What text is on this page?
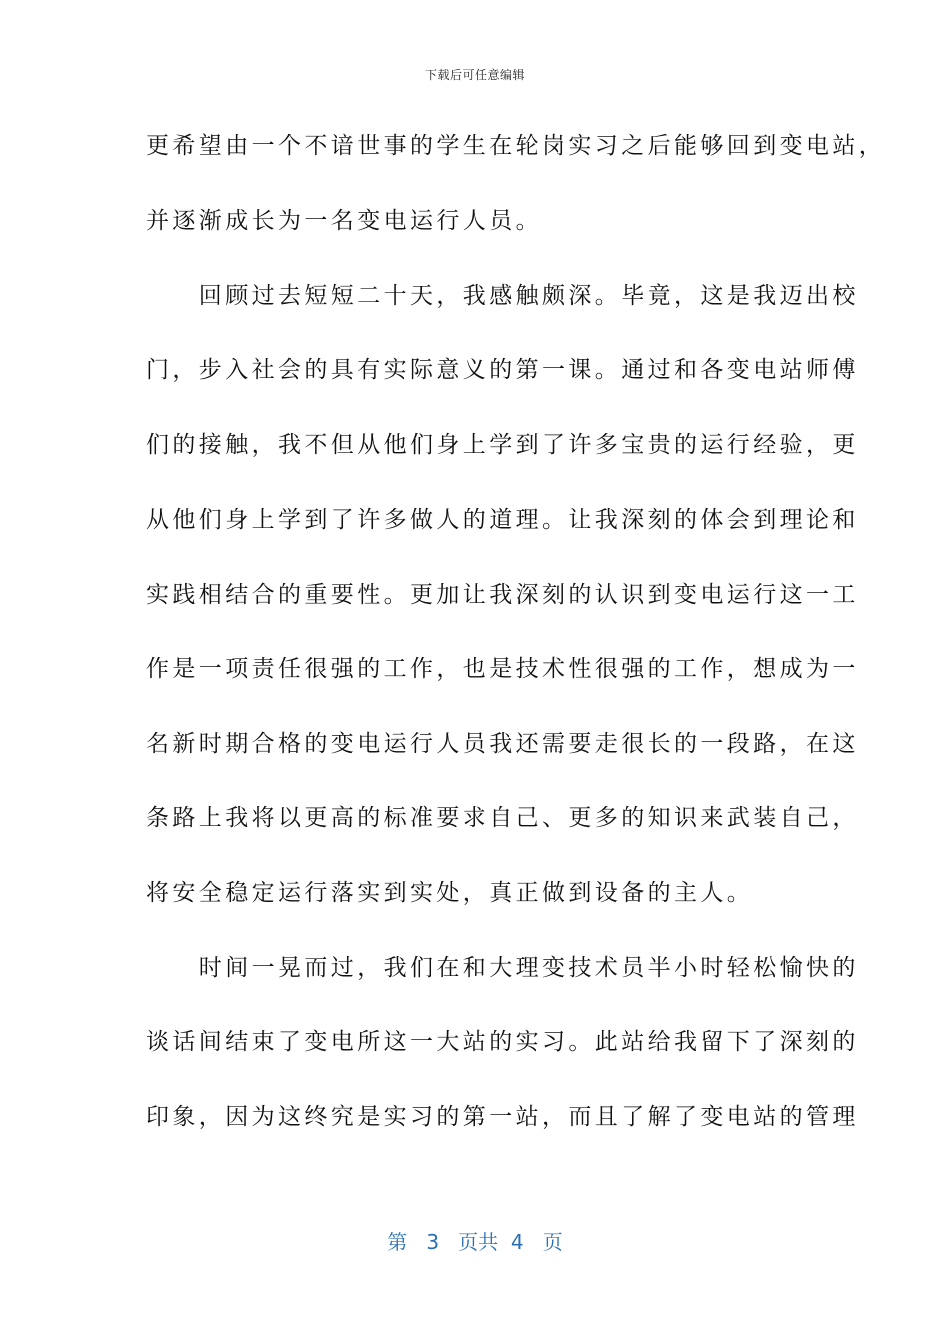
下载后可任意编辑
更希望由一个不谙世事的学生在轮岗实习之后能够回到变电站，
并逐渐成长为一名变电运行人员。
　　回顾过去短短二十天，我感触颇深。毕竟，这是我迈出校
门，步入社会的具有实际意义的第一课。通过和各变电站师傅
们的接触，我不但从他们身上学到了许多宝贵的运行经验，更
从他们身上学到了许多做人的道理。让我深刻的体会到理论和
实践相结合的重要性。更加让我深刻的认识到变电运行这一工
作是一项责任很强的工作，也是技术性很强的工作，想成为一
名新时期合格的变电运行人员我还需要走很长的一段路，在这
条路上我将以更高的标准要求自己、更多的知识来武装自己，
将安全稳定运行落实到实处，真正做到设备的主人。
　　时间一晃而过，我们在和大理变技术员半小时轻松愉快的
谈话间结束了变电所这一大站的实习。此站给我留下了深刻的
印象，因为这终究是实习的第一站，而且了解了变电站的管理
第 3 页共 4 页
